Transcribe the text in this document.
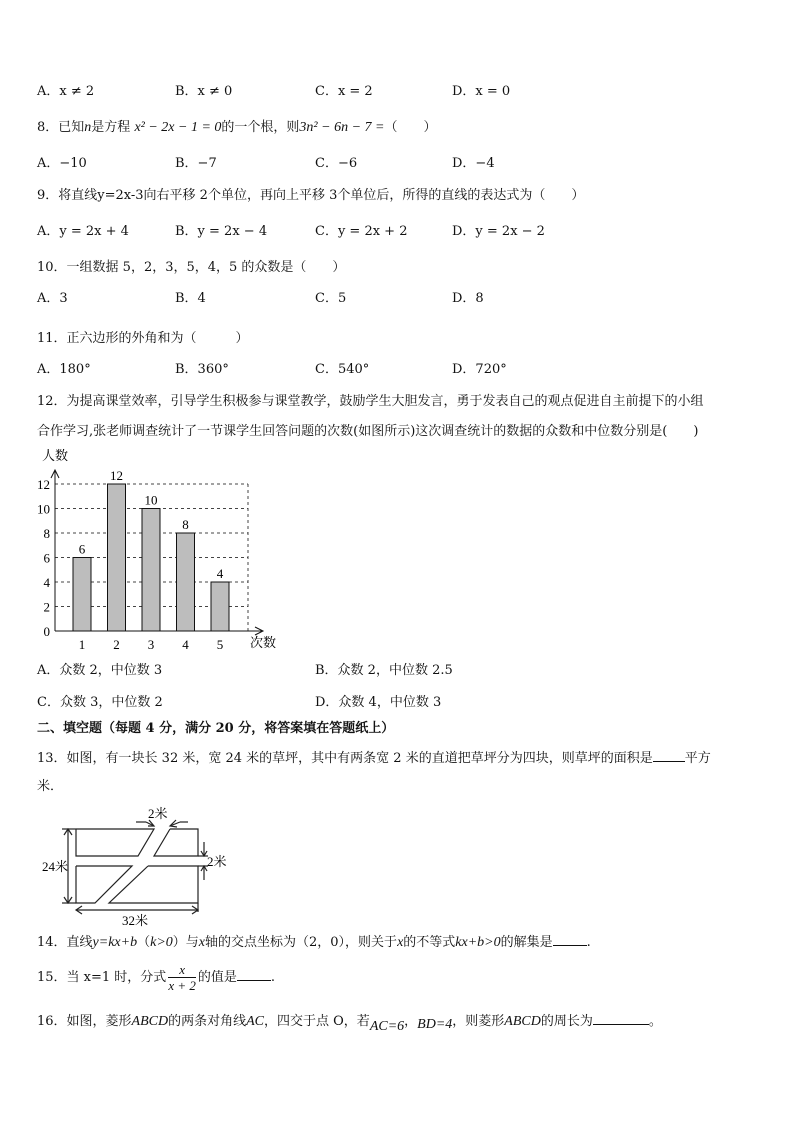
A．x ≠ 2	B．x ≠ 0	C．x = 2	D．x = 0
8．已知n是方程 x² − 2x − 1 = 0的一个根，则3n² − 6n − 7 =（　　）
A．−10	B．−7	C．−6	D．−4
9．将直线y=2x-3向右平移 2个单位，再向上平移 3个单位后，所得的直线的表达式为（　　）
A．y = 2x + 4	B．y = 2x − 4	C．y = 2x + 2	D．y = 2x − 2
10．一组数据 5，2，3，5，4，5 的众数是（　　）
A．3	B．4	C．5	D．8
11．正六边形的外角和为（　　　）
A．180°	B．360°	C．540°	D．720°
12．为提高课堂效率，引导学生积极参与课堂教学，鼓励学生大胆发言，勇于发表自己的观点促进自主前提下的小组
合作学习,张老师调查统计了一节课学生回答问题的次数(如图所示)这次调查统计的数据的众数和中位数分别是(　　)
0
2
4
6
8
10
12
6
1
12
2
10
3
8
4
4
5
人数
次数
A．众数 2，中位数 3	B．众数 2，中位数 2.5
C．众数 3，中位数 2	D．众数 4，中位数 3
二、填空题（每题 4 分，满分 20 分，将答案填在答题纸上）
13．如图，有一块长 32 米，宽 24 米的草坪，其中有两条宽 2 米的直道把草坪分为四块，则草坪的面积是 平方
米．
2米
2米
24米
32米
14．直线y=kx+b（k>0）与x轴的交点坐标为（2，0），则关于x的不等式kx+b>0的解集是	.
15．当 x=1 时，分式 $\frac{x}{x + 2}$ 的值是	.
16．如图，菱形ABCD的两条对角线AC，四交于点 O，若AC=6，BD=4，则菱形ABCD的周长为	。
